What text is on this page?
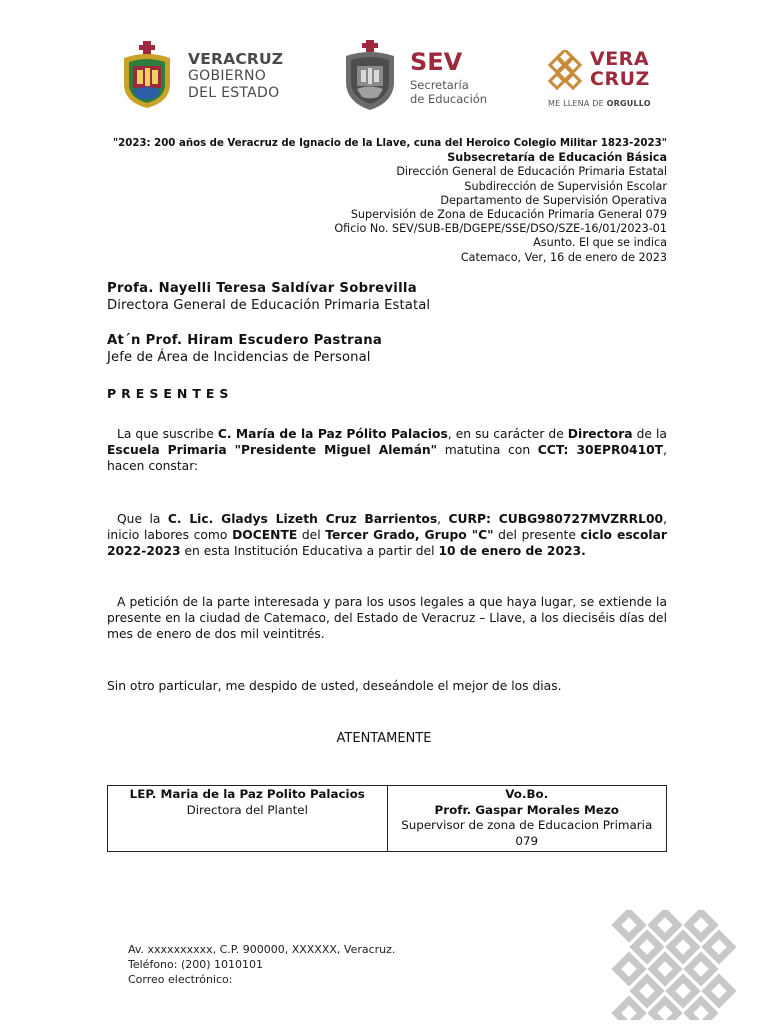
VERACRUZ
GOBIERNO
DEL ESTADO
SEV
Secretaría
de Educación
VERA
CRUZ
ME LLENA DE ORGULLO
"2023: 200 años de Veracruz de Ignacio de la Llave, cuna del Heroico Colegio Militar 1823-2023"
Subsecretaría de Educación Básica
Dirección General de Educación Primaria Estatal
Subdirección de Supervisión Escolar
Departamento de Supervisión Operativa
Supervisión de Zona de Educación Primaria General 079
Oficio No. SEV/SUB-EB/DGEPE/SSE/DSO/SZE-16/01/2023-01
Asunto. El que se indica
Catemaco, Ver, 16 de enero de 2023
Profa. Nayelli Teresa Saldívar Sobrevilla
Directora General de Educación Primaria Estatal
At´n Prof. Hiram Escudero Pastrana
Jefe de Área de Incidencias de Personal
PRESENTES
La que suscribe C. María de la Paz Pólito Palacios, en su carácter de Directora de la Escuela Primaria "Presidente Miguel Alemán" matutina con CCT: 30EPR0410T, hacen constar:
Que la C. Lic. Gladys Lizeth Cruz Barrientos, CURP: CUBG980727MVZRRL00, inicio labores como DOCENTE del Tercer Grado, Grupo "C" del presente ciclo escolar 2022-2023 en esta Institución Educativa a partir del 10 de enero de 2023.
A petición de la parte interesada y para los usos legales a que haya lugar, se extiende la presente en la ciudad de Catemaco, del Estado de Veracruz – Llave, a los dieciséis días del mes de enero de dos mil veintitrés.
Sin otro particular, me despido de usted, deseándole el mejor de los dias.
ATENTAMENTE
LEP. Maria de la Paz Polito Palacios
Directora del Plantel

Vo.Bo.
Profr. Gaspar Morales Mezo
Supervisor de zona de Educacion Primaria 079
Av. xxxxxxxxxx, C.P. 900000, XXXXXX, Veracruz.
Teléfono: (200) 1010101
Correo electrónico:
